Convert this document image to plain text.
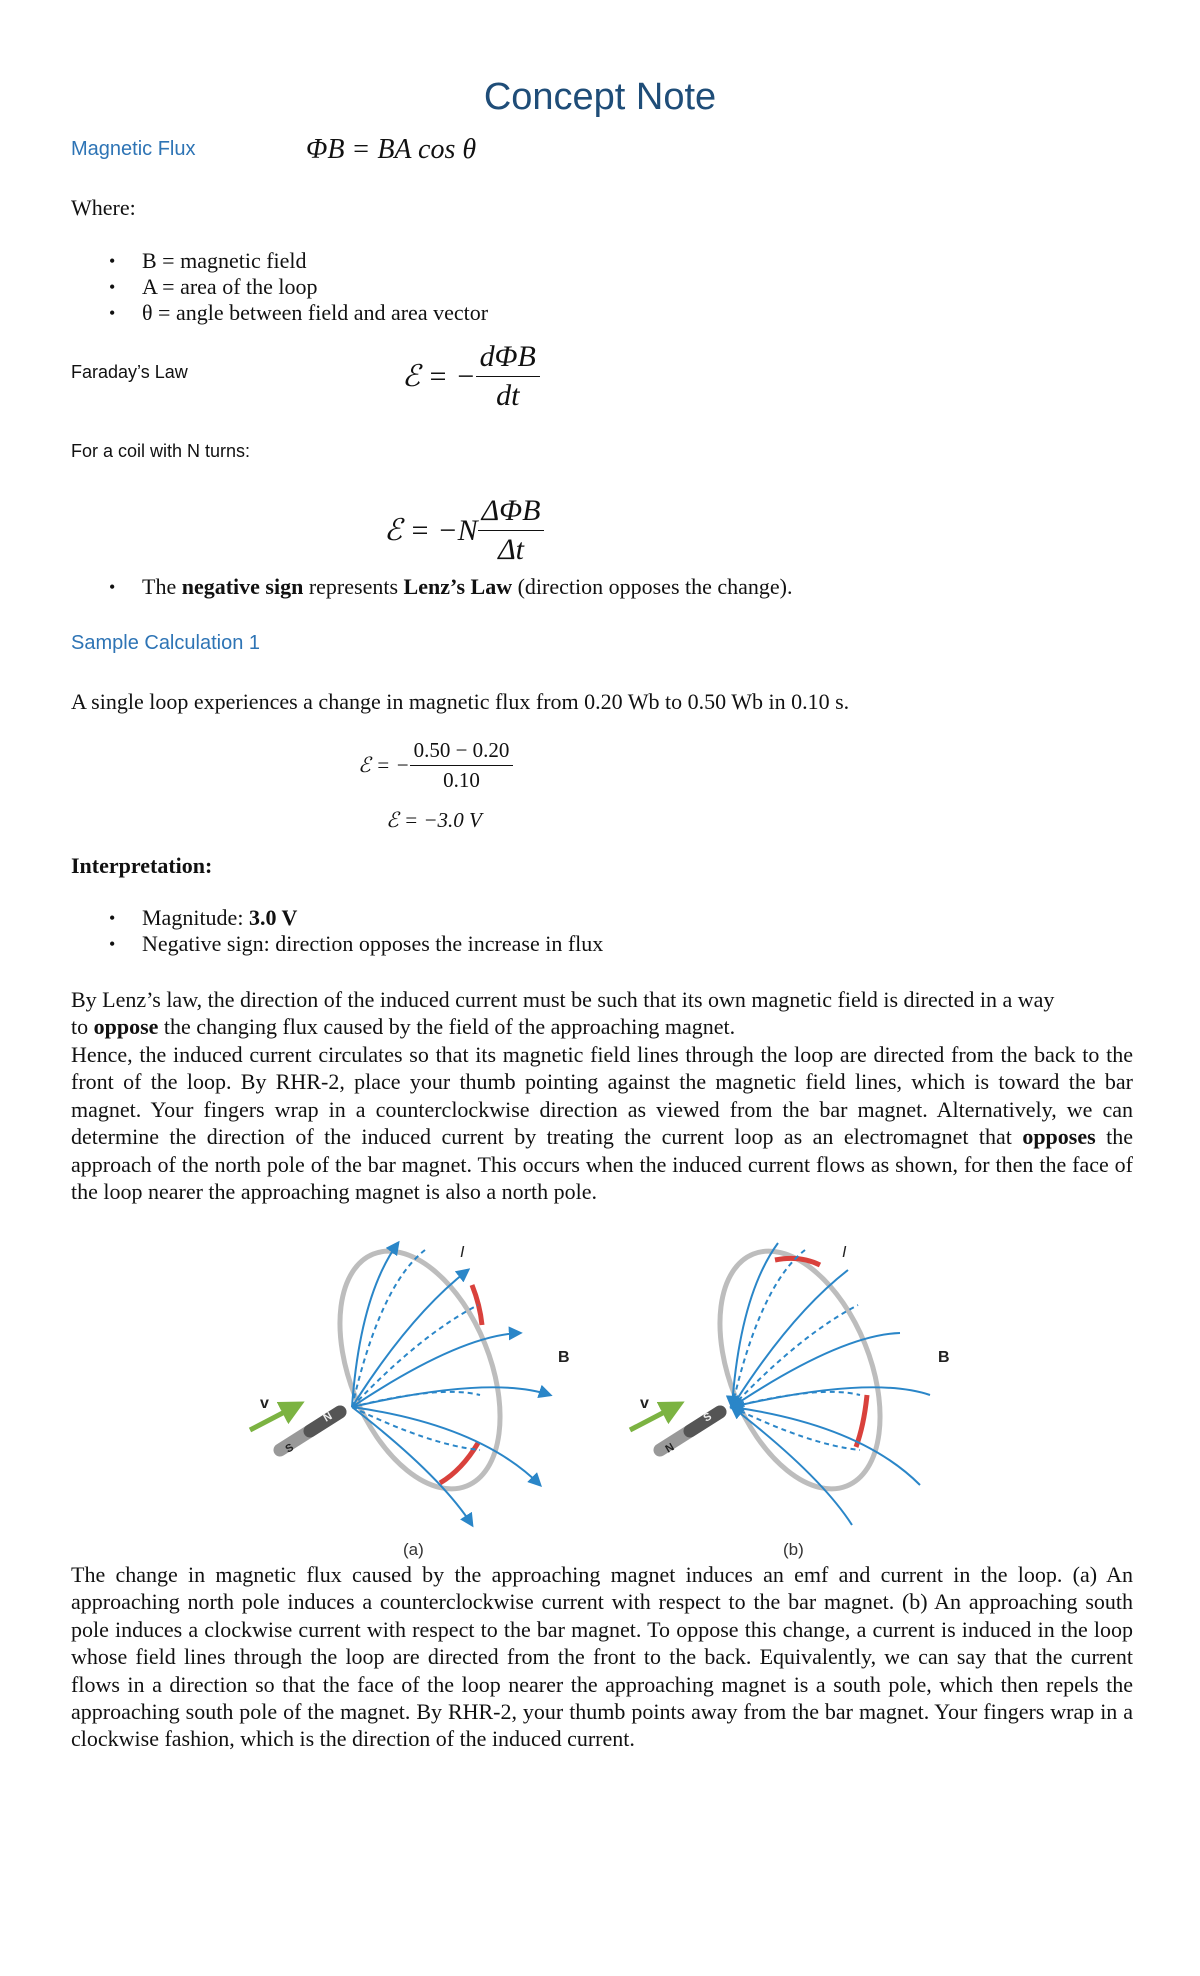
Concept Note
Magnetic Flux	ΦB = BA cos θ
Where:
• B = magnetic field
• A = area of the loop
• θ = angle between field and area vector
Faraday’s Law	ℰ = − $\frac{\text{dΦB}}{dt}$
For a coil with N turns:
ℰ = $-N \frac{\text{ΔΦB}}{\Delta t}$
• The negative sign represents Lenz’s Law (direction opposes the change).
Sample Calculation 1
A single loop experiences a change in magnetic flux from 0.20 Wb to 0.50 Wb in 0.10 s.
ℰ = − $\frac{0.50 - 0.20}{0.10}$
ℰ = −3.0 V
Interpretation:
• Magnitude: 3.0 V
• Negative sign: direction opposes the increase in flux
By Lenz’s law, the direction of the induced current must be such that its own magnetic field is directed in a way
to oppose the changing flux caused by the field of the approaching magnet.
Hence, the induced current circulates so that its magnetic field lines through the loop are directed from the back to the front of the loop. By RHR-2, place your thumb pointing against the magnetic field lines, which is toward the bar magnet. Your fingers wrap in a counterclockwise direction as viewed from the bar magnet. Alternatively, we can determine the direction of the induced current by treating the current loop as an electromagnet that opposes the approach of the north pole of the bar magnet. This occurs when the induced current flows as shown, for then the face of the loop nearer the approaching magnet is also a north pole.
S
N
v
I
B
(a)
N
S
v
I
B
(b)
The change in magnetic flux caused by the approaching magnet induces an emf and current in the loop. (a) An approaching north pole induces a counterclockwise current with respect to the bar magnet. (b) An approaching south pole induces a clockwise current with respect to the bar magnet. To oppose this change, a current is induced in the loop whose field lines through the loop are directed from the front to the back. Equivalently, we can say that the current flows in a direction so that the face of the loop nearer the approaching magnet is a south pole, which then repels the approaching south pole of the magnet. By RHR-2, your thumb points away from the bar magnet. Your fingers wrap in a clockwise fashion, which is the direction of the induced current.
